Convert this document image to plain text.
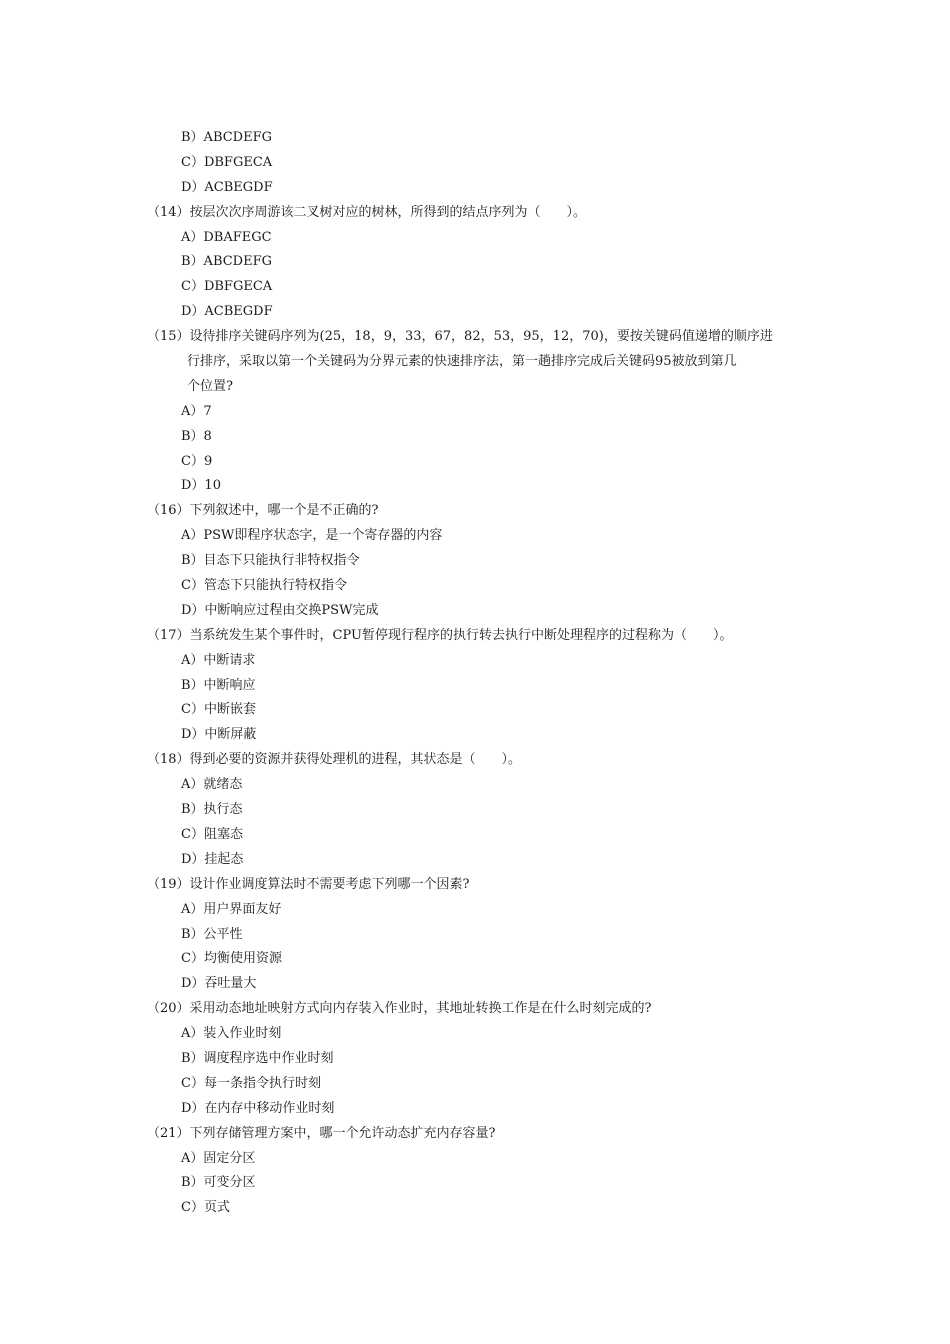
B）ABCDEFG
C）DBFGECA
D）ACBEGDF
（14）按层次次序周游该二叉树对应的树林，所得到的结点序列为（　　）。
A）DBAFEGC
B）ABCDEFG
C）DBFGECA
D）ACBEGDF
（15）设待排序关键码序列为(25，18，9，33，67，82，53，95，12，70)，要按关键码值递增的顺序进
行排序，采取以第一个关键码为分界元素的快速排序法，第一趟排序完成后关键码95被放到第几
个位置?
A）7
B）8
C）9
D）10
（16）下列叙述中，哪一个是不正确的?
A）PSW即程序状态字，是一个寄存器的内容
B）目态下只能执行非特权指令
C）管态下只能执行特权指令
D）中断响应过程由交换PSW完成
（17）当系统发生某个事件时，CPU暂停现行程序的执行转去执行中断处理程序的过程称为（　　）。
A）中断请求
B）中断响应
C）中断嵌套
D）中断屏蔽
（18）得到必要的资源并获得处理机的进程，其状态是（　　）。
A）就绪态
B）执行态
C）阻塞态
D）挂起态
（19）设计作业调度算法时不需要考虑下列哪一个因素?
A）用户界面友好
B）公平性
C）均衡使用资源
D）吞吐量大
（20）采用动态地址映射方式向内存装入作业时，其地址转换工作是在什么时刻完成的?
A）装入作业时刻
B）调度程序选中作业时刻
C）每一条指令执行时刻
D）在内存中移动作业时刻
（21）下列存储管理方案中，哪一个允许动态扩充内存容量?
A）固定分区
B）可变分区
C）页式
